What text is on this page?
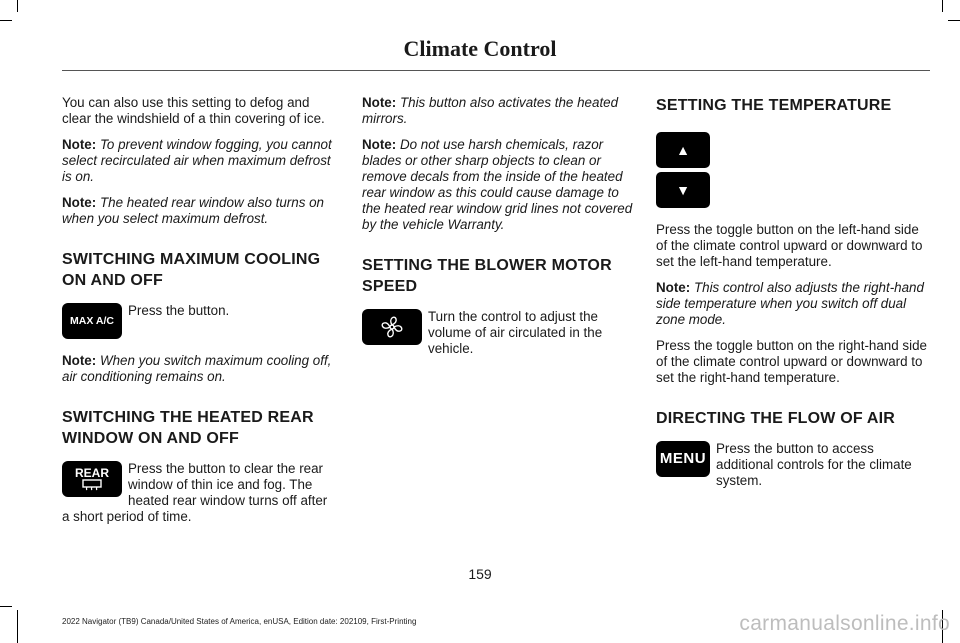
Climate Control

You can also use this setting to defog and clear the windshield of a thin covering of ice.

Note: To prevent window fogging, you cannot select recirculated air when maximum defrost is on.

Note: The heated rear window also turns on when you select maximum defrost.

SWITCHING MAXIMUM COOLING ON AND OFF
MAX A/C
Press the button.

Note: When you switch maximum cooling off, air conditioning remains on.

SWITCHING THE HEATED REAR WINDOW ON AND OFF
REAR	Press the button to clear the rear window of thin ice and fog. The heated rear window turns off after
a short period of time.

Note: This button also activates the heated mirrors.

Note: Do not use harsh chemicals, razor blades or other sharp objects to clean or remove decals from the inside of the heated rear window as this could cause damage to the heated rear window grid lines not covered by the vehicle Warranty.

SETTING THE BLOWER MOTOR SPEED
Turn the control to adjust the volume of air circulated in the vehicle.
SETTING THE TEMPERATURE
▲
▼

Press the toggle button on the left-hand side of the climate control upward or downward to set the left-hand temperature.

Note: This control also adjusts the right-hand side temperature when you switch off dual zone mode.

Press the toggle button on the right-hand side of the climate control upward or downward to set the right-hand temperature.

DIRECTING THE FLOW OF AIR
MENU
Press the button to access additional controls for the climate system.
159
2022 Navigator (TB9) Canada/United States of America, enUSA, Edition date: 202109, First-Printing	carmanualsonline.info
